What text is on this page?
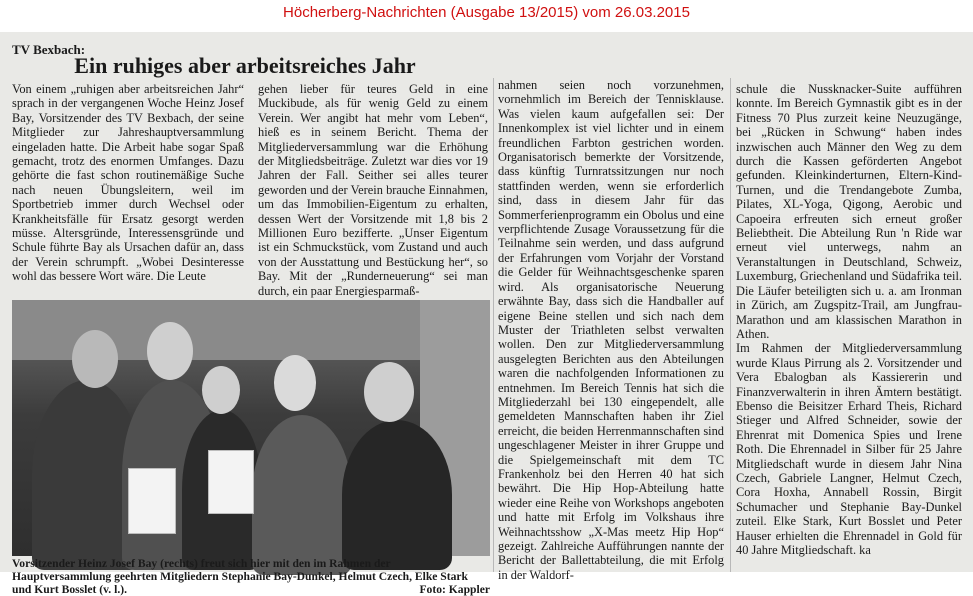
Höcherberg-Nachrichten (Ausgabe 13/2015) vom 26.03.2015
TV Bexbach:
Ein ruhiges aber arbeitsreiches Jahr

Von einem „ruhigen aber arbeitsreichen Jahr“ sprach in der vergangenen Woche Heinz Josef Bay, Vorsitzender des TV Bexbach, der seine Mitglieder zur Jahreshauptversammlung eingeladen hatte. Die Arbeit habe sogar Spaß gemacht, trotz des enormen Umfanges. Dazu gehörte die fast schon routinemäßige Suche nach neuen Übungsleitern, weil im Sportbetrieb immer durch Wechsel oder Krankheitsfälle für Ersatz gesorgt werden müsse. Altersgründe, Interessensgründe und Schule führte Bay als Ursachen dafür an, dass der Verein schrumpft. „Wobei Desinteresse wohl das bessere Wort wäre. Die Leute

gehen lieber für teures Geld in eine Muckibude, als für wenig Geld zu einem Verein. Wer angibt hat mehr vom Leben“, hieß es in seinem Bericht. Thema der Mitgliederversammlung war die Erhöhung der Mitgliedsbeiträge. Zuletzt war dies vor 19 Jahren der Fall. Seither sei alles teurer geworden und der Verein brauche Einnahmen, um das Immobilien-Eigentum zu erhalten, dessen Wert der Vorsitzende mit 1,8 bis 2 Millionen Euro bezifferte. „Unser Eigentum ist ein Schmuckstück, vom Zustand und auch von der Ausstattung und Bestückung her“, so Bay. Mit der „Runderneuerung“ sei man durch, ein paar Energiesparmaß-

nahmen seien noch vorzunehmen, vornehmlich im Bereich der Tennisklause. Was vielen kaum aufgefallen sei: Der Innenkomplex ist viel lichter und in einem freundlichen Farbton gestrichen worden. Organisatorisch bemerkte der Vorsitzende, dass künftig Turnratssitzungen nur noch stattfinden werden, wenn sie erforderlich sind, dass in diesem Jahr für das Sommerferienprogramm ein Obolus und eine verpflichtende Zusage Voraussetzung für die Teilnahme sein werden, und dass aufgrund der Erfahrungen vom Vorjahr der Vorstand die Gelder für Weihnachtsgeschenke sparen wird. Als organisatorische Neuerung erwähnte Bay, dass sich die Handballer auf eigene Beine stellen und sich nach dem Muster der Triathleten selbst verwalten wollen. Den zur Mitgliederversammlung ausgelegten Berichten aus den Abteilungen waren die nachfolgenden Informationen zu entnehmen. Im Bereich Tennis hat sich die Mitgliederzahl bei 130 eingependelt, alle gemeldeten Mannschaften haben ihr Ziel erreicht, die beiden Herrenmannschaften sind ungeschlagener Meister in ihrer Gruppe und die Spielgemeinschaft mit dem TC Frankenholz bei den Herren 40 hat sich bewährt. Die Hip Hop-Abteilung hatte wieder eine Reihe von Workshops angeboten und hatte mit Erfolg im Volkshaus ihre Weihnachtsshow „X-Mas meetz Hip Hop“ gezeigt. Zahlreiche Aufführungen nannte der Bericht der Ballettabteilung, die mit Erfolg in der Waldorf-

schule die Nussknacker-Suite aufführen konnte. Im Bereich Gymnastik gibt es in der Fitness 70 Plus zurzeit keine Neuzugänge, bei „Rücken in Schwung“ haben indes inzwischen auch Männer den Weg zu dem durch die Kassen geförderten Angebot gefunden. Kleinkinderturnen, Eltern-Kind-Turnen, und die Trendangebote Zumba, Pilates, XL-Yoga, Qigong, Aerobic und Capoeira erfreuten sich erneut großer Beliebtheit. Die Abteilung Run 'n Ride war erneut viel unterwegs, nahm an Veranstaltungen in Deutschland, Schweiz, Luxemburg, Griechenland und Südafrika teil. Die Läufer beteiligten sich u. a. am Ironman in Zürich, am Zugspitz-Trail, am Jungfrau-Marathon und am klassischen Marathon in Athen.

Im Rahmen der Mitgliederversammlung wurde Klaus Pirrung als 2. Vorsitzender und Vera Ebalogban als Kassiererin und Finanzverwalterin in ihren Ämtern bestätigt. Ebenso die Beisitzer Erhard Theis, Richard Stieger und Alfred Schneider, sowie der Ehrenrat mit Domenica Spies und Irene Roth. Die Ehrennadel in Silber für 25 Jahre Mitgliedschaft wurde in diesem Jahr Nina Czech, Gabriele Langner, Helmut Czech, Cora Hoxha, Annabell Rossin, Birgit Schumacher und Stephanie Bay-Dunkel zuteil. Elke Stark, Kurt Bosslet und Peter Hauser erhielten die Ehrennadel in Gold für 40 Jahre Mitgliedschaft. ka

Vorsitzender Heinz Josef Bay (rechts) freut sich hier mit den im Rahmen der Hauptversammlung geehrten Mitgliedern Stephanie Bay-Dunkel, Helmut Czech, Elke Stark und Kurt Bosslet (v. l.).	Foto: Kappler
